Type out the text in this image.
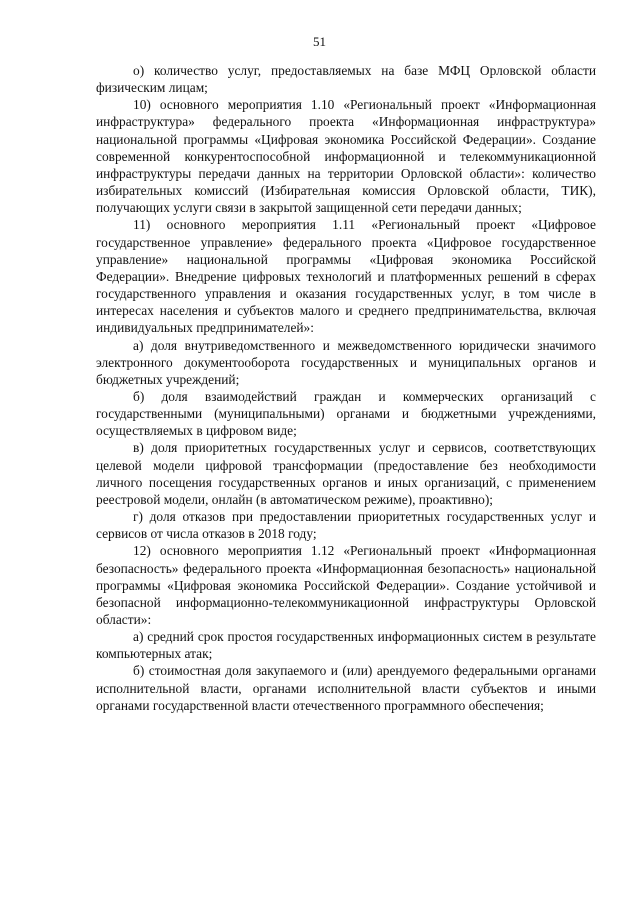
51

о) количество услуг, предоставляемых на базе МФЦ Орловской области физическим лицам;

10) основного мероприятия 1.10 «Региональный проект «Информационная инфраструктура» федерального проекта «Информационная инфраструктура» национальной программы «Цифровая экономика Российской Федерации». Создание современной конкурентоспособной информационной и телекоммуникационной инфраструктуры передачи данных на территории Орловской области»: количество избирательных комиссий (Избирательная комиссия Орловской области, ТИК), получающих услуги связи в закрытой защищенной сети передачи данных;

11) основного мероприятия 1.11 «Региональный проект «Цифровое государственное управление» федерального проекта «Цифровое государственное управление» национальной программы «Цифровая экономика Российской Федерации». Внедрение цифровых технологий и платформенных решений в сферах государственного управления и оказания государственных услуг, в том числе в интересах населения и субъектов малого и среднего предпринимательства, включая индивидуальных предпринимателей»:

а) доля внутриведомственного и межведомственного юридически значимого электронного документооборота государственных и муниципальных органов и бюджетных учреждений;

б) доля взаимодействий граждан и коммерческих организаций с государственными (муниципальными) органами и бюджетными учреждениями, осуществляемых в цифровом виде;

в) доля приоритетных государственных услуг и сервисов, соответствующих целевой модели цифровой трансформации (предоставление без необходимости личного посещения государственных органов и иных организаций, с применением реестровой модели, онлайн (в автоматическом режиме), проактивно);

г) доля отказов при предоставлении приоритетных государственных услуг и сервисов от числа отказов в 2018 году;

12) основного мероприятия 1.12 «Региональный проект «Информационная безопасность» федерального проекта «Информационная безопасность» национальной программы «Цифровая экономика Российской Федерации». Создание устойчивой и безопасной информационно-телекоммуникационной инфраструктуры Орловской области»:

а) средний срок простоя государственных информационных систем в результате компьютерных атак;

б) стоимостная доля закупаемого и (или) арендуемого федеральными органами исполнительной власти, органами исполнительной власти субъектов и иными органами государственной власти отечественного программного обеспечения;
